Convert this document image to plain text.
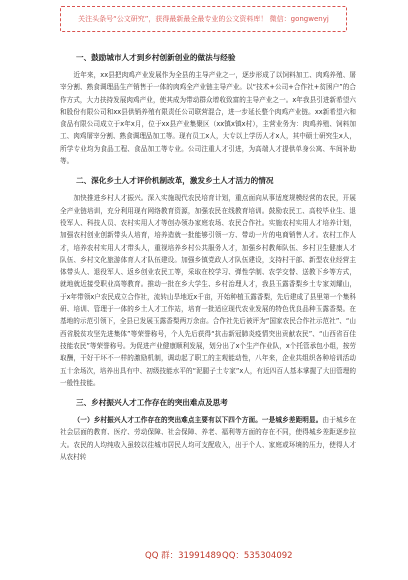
关注头条号“公文研究”，获得最新最全最专业的公文资料库！ 微信：gongwenyj
一、鼓励城市人才到乡村创新创业的做法与经验

近年来，xx县把肉鸡产业发展作为全县的主导产业之一，逐步形成了以饲料加工、肉鸡养殖、屠宰分割、熟食调理品生产销售于一体的肉鸡全产业链主导产业。以“技术+公司+合作社+贫困户”的合作方式，大力扶持发展肉鸡产业，使其成为带动群众增收致富的主导产业之一。x年我县引进新希望六和股份有限公司和xx县供销养殖有限责任公司联营混合，进一步延长整个肉鸡产业链。xx新希望六和食品有限公司成立于x年x月，位于xx县产业集聚区（xx镇x镇x村），主营业务为：肉鸡养殖、饲料加工、肉鸡屠宰分割、熟食调理品加工等。现有员工x人，大专以上学历人才x人，其中硕士研究生x人，所学专业均为食品工程、食品加工等专业。公司注重人才引进，为高端人才提供单身公寓、车间补助等。

二、深化乡土人才评价机制改革，激发乡土人才活力的情况

加快推进乡村人才振兴。深入实施现代农民培育计划，重点面向从事适度规模经营的农民，开展全产业链培训，充分利用现有网络教育资源，加强农民在线教育培训。鼓励农民工、高校毕业生、退役军人、科技人员、农村实用人才等创办领办家庭农场、农民合作社。实施农村实用人才培养计划，加强农村创业创新带头人培育，培养造就一批能够引领一方、带动一片的电商销售人才。农村工作人才，培养农村实用人才带头人，重视培养乡村公共服务人才，加强乡村教师队伍、乡村卫生健康人才队伍、乡村文化旅游体育人才队伍建设。加强乡镇党政人才队伍建设，支持村干部、新型农业经营主体带头人、退役军人、返乡创业农民工等，采取在校学习、弹性学制、农学交替、送教下乡等方式，就地就近接受职业高等教育。推动一批在乡大学生、乡村治理人才，我县玉露香梨乡土专家刘耀山，于x年带领x户农民成立合作社，流转山旱地近x千亩，开始种植玉露香梨，先后建成了县里第一个集科研、培训、管理于一体的乡土人才工作站，培育一批适应现代农业发展的特色优良品种玉露香梨。在基地的示范引领下，全县已发展玉露香梨两万余亩。合作社先后被评为“国家农民合作社示范社”、“山西省脱贫攻坚先进集体”等荣誉称号，个人先后获得“抗击新冠肺炎疫情突出贡献农民”、“山西省百佳技能农民”等荣誉称号。为促进产业健康顺利发展，划分出了x个生产作业队，x个托管承包小组，按劳取酬，干好干坏不一样的激励机制，调动起了职工的主观能动性，八年来，企业共组织各种培训活动五十余场次，培养出具有中、初级技能水平的“泥腿子土专家”x人，有近四百人基本掌握了大田管理的一般性技能。

三、乡村振兴人才工作存在的突出难点及思考

（一）乡村振兴人才工作存在的突出难点主要有以下四个方面。一是城乡差距明显。由于城乡在社会层面的教育、医疗、劳动保障、社会保障、养老、福利等方面的存在不同，使得城乡差距逐步拉大。农民的人均纯收入虽较以往城市居民人均可支配收入，出于个人、家庭或环境的压力，使得人才从农村转

QQ 群：31991489 QQ：535304092
